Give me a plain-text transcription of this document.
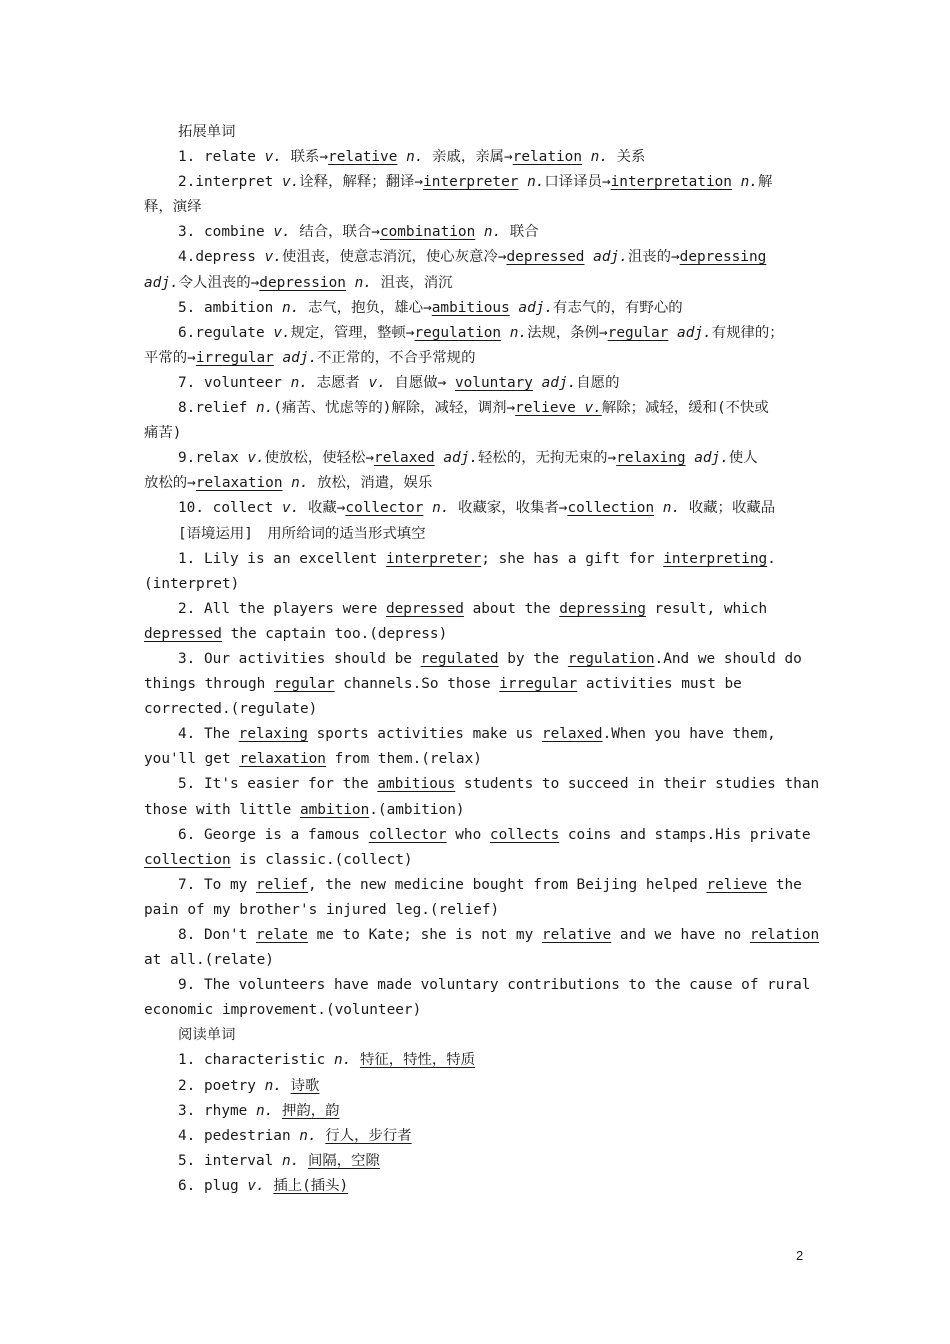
拓展单词
1. relate v. 联系→relative n. 亲戚，亲属→relation n. 关系
2.interpret v.诠释，解释；翻译→interpreter n.口译译员→interpretation n.解
释，演绎
3. combine v. 结合，联合→combination n. 联合
4.depress v.使沮丧，使意志消沉，使心灰意冷→depressed adj.沮丧的→depressing
adj.令人沮丧的→depression n. 沮丧，消沉
5. ambition n. 志气，抱负，雄心→ambitious adj.有志气的，有野心的
6.regulate v.规定，管理，整顿→regulation n.法规，条例→regular adj.有规律的；
平常的→irregular adj.不正常的，不合乎常规的
7. volunteer n. 志愿者 v. 自愿做→ voluntary adj.自愿的
8.relief n.(痛苦、忧虑等的)解除，减轻，调剂→relieve v.解除；减轻，缓和(不快或
痛苦)
9.relax v.使放松，使轻松→relaxed adj.轻松的，无拘无束的→relaxing adj.使人
放松的→relaxation n. 放松，消遣，娱乐
10. collect v. 收藏→collector n. 收藏家，收集者→collection n. 收藏；收藏品
[语境运用]　用所给词的适当形式填空
1. Lily is an excellent interpreter; she has a gift for interpreting.
(interpret)
2. All the players were depressed about the depressing result, which
depressed the captain too.(depress)
3. Our activities should be regulated by the regulation.And we should do
things through regular channels.So those irregular activities must be
corrected.(regulate)
4. The relaxing sports activities make us relaxed.When you have them,
you'll get relaxation from them.(relax)
5. It's easier for the ambitious students to succeed in their studies than
those with little ambition.(ambition)
6. George is a famous collector who collects coins and stamps.His private
collection is classic.(collect)
7. To my relief, the new medicine bought from Beijing helped relieve the
pain of my brother's injured leg.(relief)
8. Don't relate me to Kate; she is not my relative and we have no relation
at all.(relate)
9. The volunteers have made voluntary contributions to the cause of rural
economic improvement.(volunteer)
阅读单词
1. characteristic n. 特征，特性，特质
2. poetry n. 诗歌
3. rhyme n. 押韵，韵
4. pedestrian n. 行人，步行者
5. interval n. 间隔，空隙
6. plug v. 插上(插头)
2
